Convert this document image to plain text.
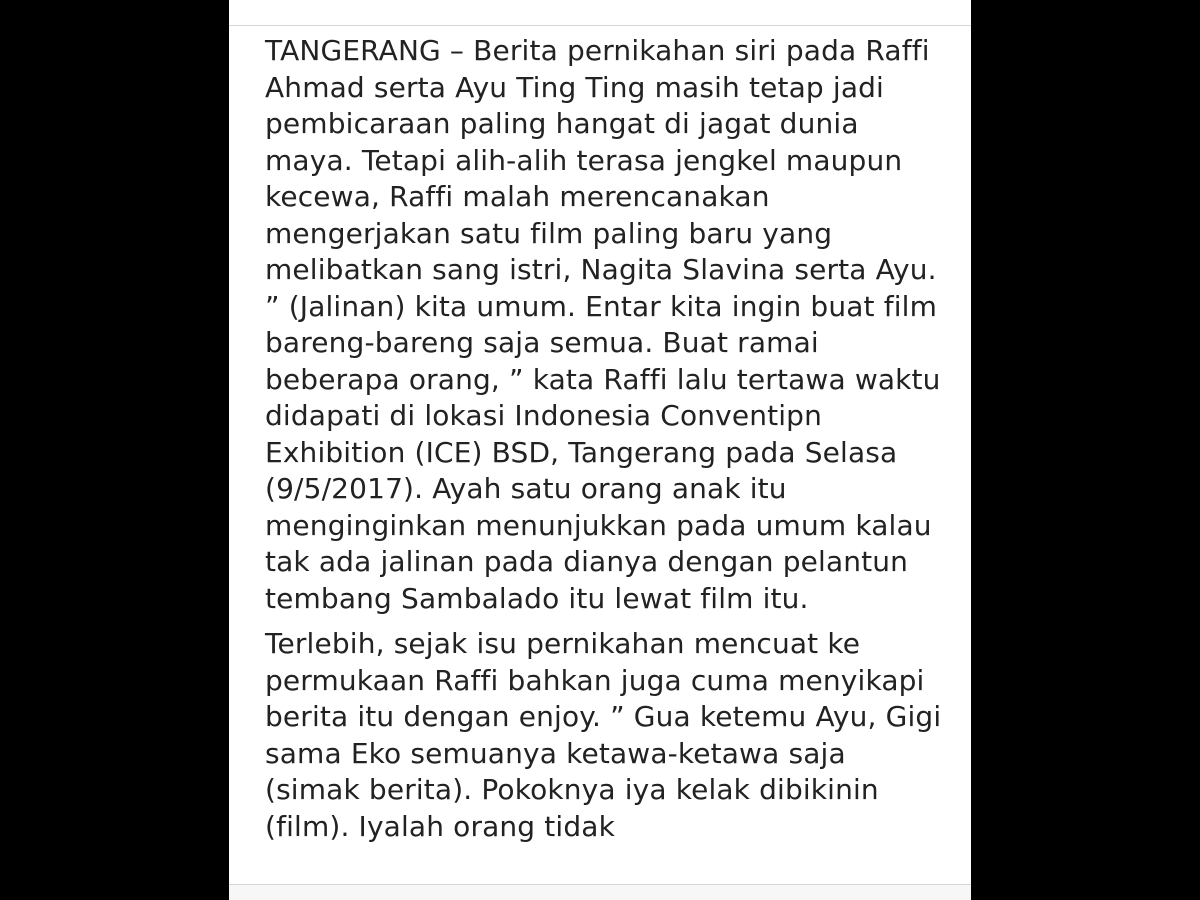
TANGERANG – Berita pernikahan siri pada Raffi Ahmad serta Ayu Ting Ting masih tetap jadi pembicaraan paling hangat di jagat dunia maya. Tetapi alih-alih terasa jengkel maupun kecewa, Raffi malah merencanakan mengerjakan satu film paling baru yang melibatkan sang istri, Nagita Slavina serta Ayu. ” (Jalinan) kita umum. Entar kita ingin buat film bareng-bareng saja semua. Buat ramai beberapa orang, ” kata Raffi lalu tertawa waktu didapati di lokasi Indonesia Conventipn Exhibition (ICE) BSD, Tangerang pada Selasa (9/5/2017). Ayah satu orang anak itu menginginkan menunjukkan pada umum kalau tak ada jalinan pada dianya dengan pelantun tembang Sambalado itu lewat film itu.

Terlebih, sejak isu pernikahan mencuat ke permukaan Raffi bahkan juga cuma menyikapi berita itu dengan enjoy. ” Gua ketemu Ayu, Gigi sama Eko semuanya ketawa-ketawa saja (simak berita). Pokoknya iya kelak dibikinin (film). Iyalah orang tidak
